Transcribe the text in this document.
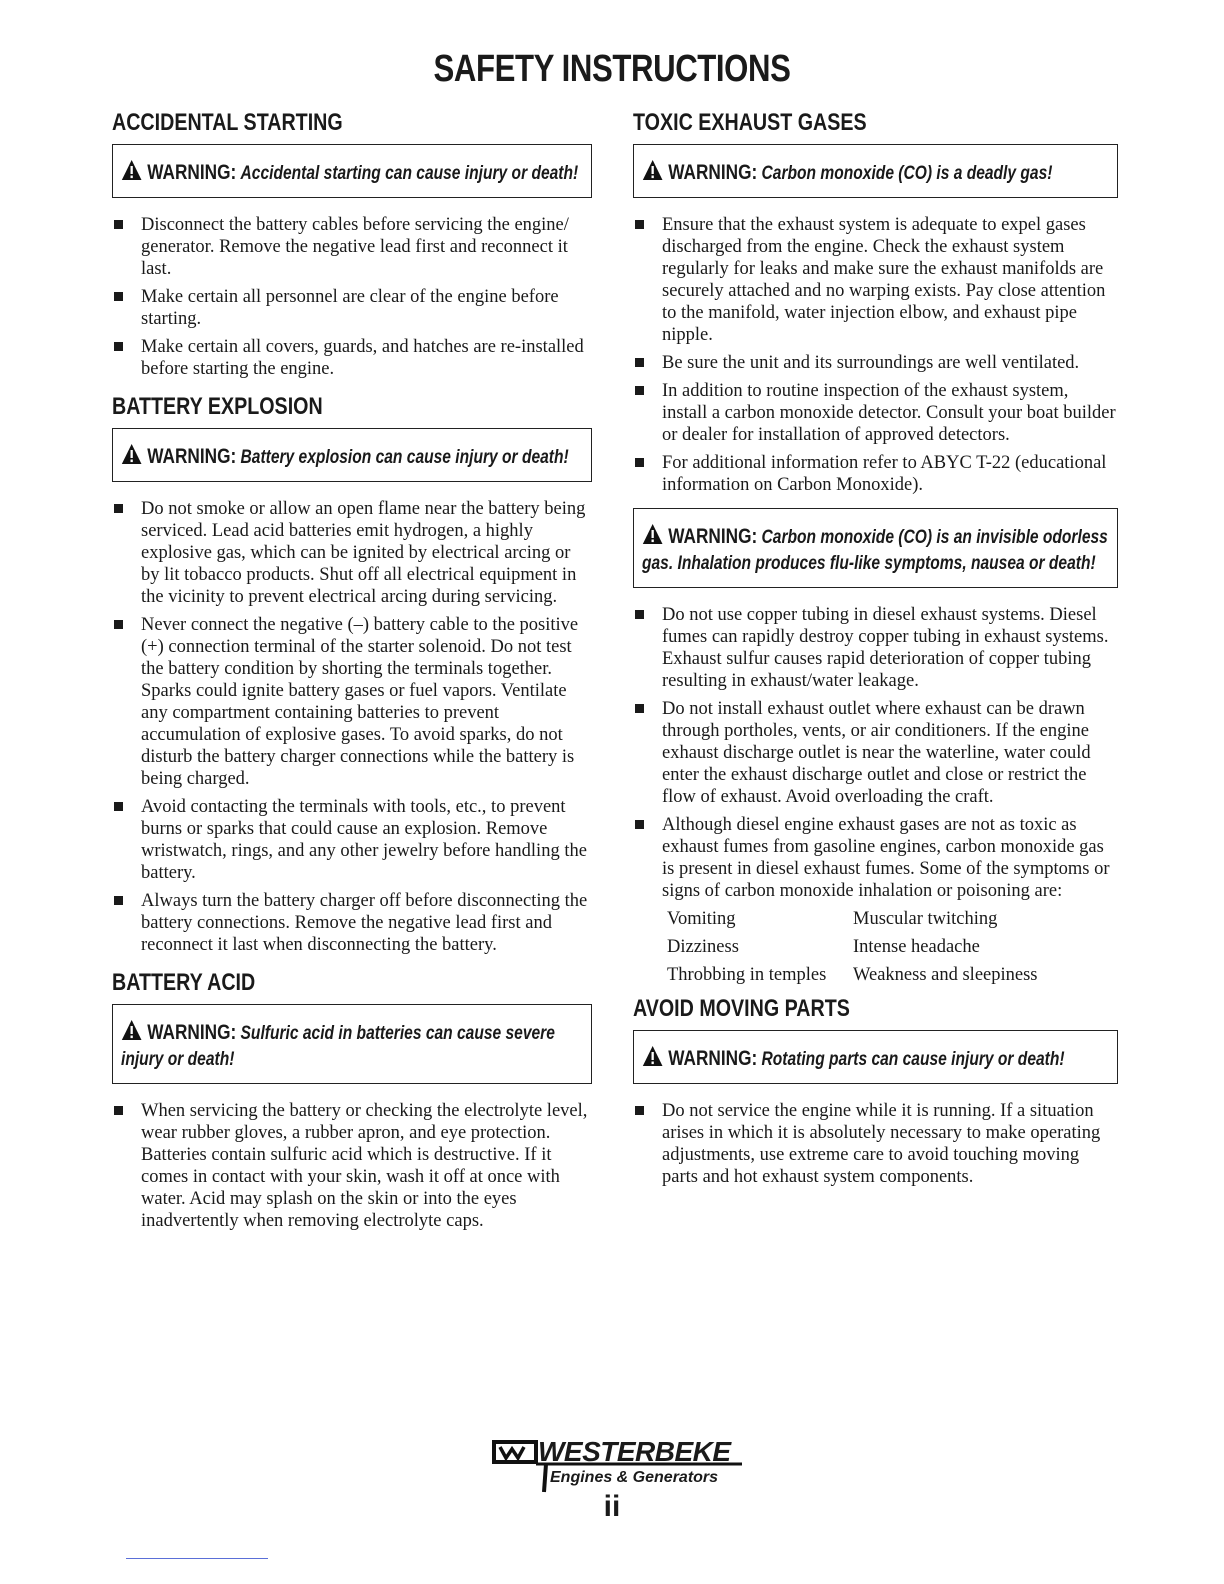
SAFETY INSTRUCTIONS
ACCIDENTAL STARTING
WARNING: Accidental starting can cause injury or death!
Disconnect the battery cables before servicing the engine/ generator. Remove the negative lead first and reconnect it last.
Make certain all personnel are clear of the engine before starting.
Make certain all covers, guards, and hatches are re-installed before starting the engine.
BATTERY EXPLOSION
WARNING: Battery explosion can cause injury or death!
Do not smoke or allow an open flame near the battery being serviced. Lead acid batteries emit hydrogen, a highly explosive gas, which can be ignited by electrical arcing or by lit tobacco products. Shut off all electrical equipment in the vicinity to prevent electrical arcing during servicing.
Never connect the negative (–) battery cable to the positive (+) connection terminal of the starter solenoid. Do not test the battery condition by shorting the terminals together. Sparks could ignite battery gases or fuel vapors. Ventilate any compartment containing batteries to prevent accumulation of explosive gases. To avoid sparks, do not disturb the battery charger connections while the battery is being charged.
Avoid contacting the terminals with tools, etc., to prevent burns or sparks that could cause an explosion. Remove wristwatch, rings, and any other jewelry before handling the battery.
Always turn the battery charger off before disconnecting the battery connections. Remove the negative lead first and reconnect it last when disconnecting the battery.
BATTERY ACID
WARNING: Sulfuric acid in batteries can cause severe injury or death!
When servicing the battery or checking the electrolyte level, wear rubber gloves, a rubber apron, and eye protection. Batteries contain sulfuric acid which is destructive. If it comes in contact with your skin, wash it off at once with water. Acid may splash on the skin or into the eyes inadvertently when removing electrolyte caps.
TOXIC EXHAUST GASES
WARNING: Carbon monoxide (CO) is a deadly gas!
Ensure that the exhaust system is adequate to expel gases discharged from the engine. Check the exhaust system regularly for leaks and make sure the exhaust manifolds are securely attached and no warping exists. Pay close attention to the manifold, water injection elbow, and exhaust pipe nipple.
Be sure the unit and its surroundings are well ventilated.
In addition to routine inspection of the exhaust system, install a carbon monoxide detector. Consult your boat builder or dealer for installation of approved detectors.
For additional information refer to ABYC T-22 (educational information on Carbon Monoxide).
WARNING: Carbon monoxide (CO) is an invisible odorless gas. Inhalation produces flu-like symptoms, nausea or death!
Do not use copper tubing in diesel exhaust systems. Diesel fumes can rapidly destroy copper tubing in exhaust systems. Exhaust sulfur causes rapid deterioration of copper tubing resulting in exhaust/water leakage.
Do not install exhaust outlet where exhaust can be drawn through portholes, vents, or air conditioners. If the engine exhaust discharge outlet is near the waterline, water could enter the exhaust discharge outlet and close or restrict the flow of exhaust. Avoid overloading the craft.
Although diesel engine exhaust gases are not as toxic as exhaust fumes from gasoline engines, carbon monoxide gas is present in diesel exhaust fumes. Some of the symptoms or signs of carbon monoxide inhalation or poisoning are:
Vomiting	Muscular twitching
Dizziness	Intense headache
Throbbing in temples	Weakness and sleepiness
AVOID MOVING PARTS
WARNING: Rotating parts can cause injury or death!
Do not service the engine while it is running. If a situation arises in which it is absolutely necessary to make operating adjustments, use extreme care to avoid touching moving parts and hot exhaust system components.
WESTERBEKE
Engines & Generators
ii
